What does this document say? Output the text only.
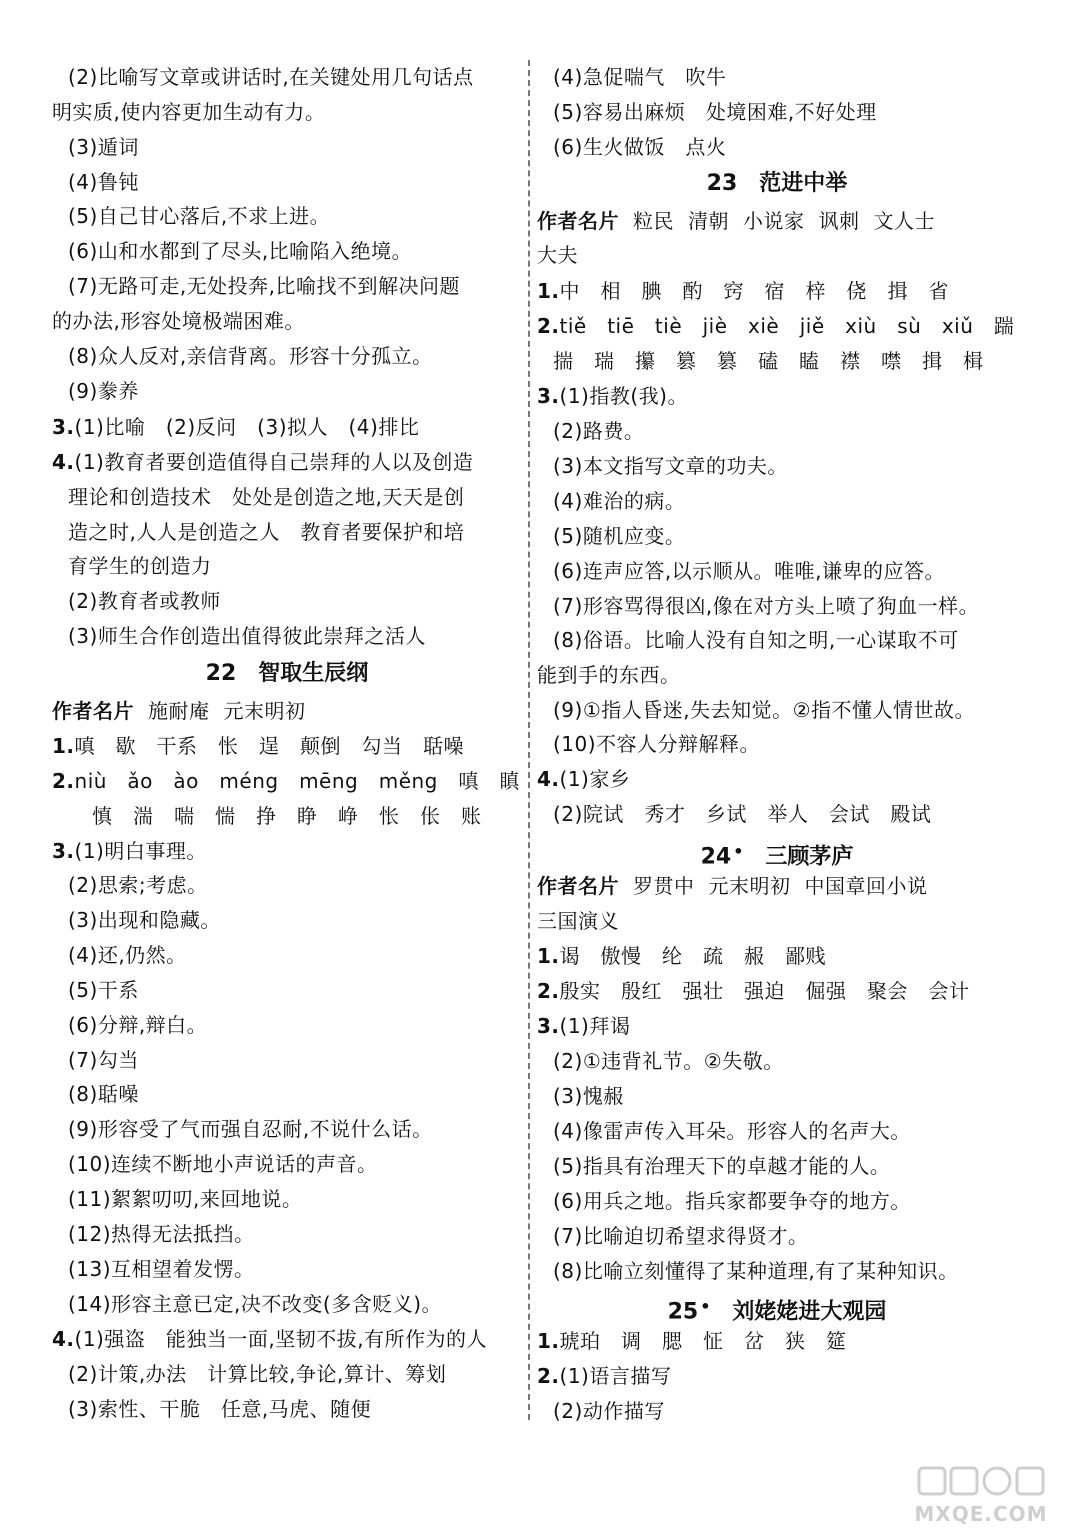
(2)比喻写文章或讲话时,在关键处用几句话点
明实质,使内容更加生动有力。
(3)遁词
(4)鲁钝
(5)自己甘心落后,不求上进。
(6)山和水都到了尽头,比喻陷入绝境。
(7)无路可走,无处投奔,比喻找不到解决问题
的办法,形容处境极端困难。
(8)众人反对,亲信背离。形容十分孤立。
(9)豢养
3.(1)比喻　(2)反问　(3)拟人　(4)排比
4.(1)教育者要创造值得自己崇拜的人以及创造
理论和创造技术　处处是创造之地,天天是创
造之时,人人是创造之人　教育者要保护和培
育学生的创造力
(2)教育者或教师
(3)师生合作创造出值得彼此崇拜之活人
22 智取生辰纲
作者名片 施耐庵 元末明初
1.嗔　歇　干系　怅　逞　颠倒　勾当　聒噪
2.niù　ǎo　ào　méng　mēng　měng　嗔　瞋
慎　湍　喘　惴　挣　睁　峥　怅　伥　账
3.(1)明白事理。
(2)思索;考虑。
(3)出现和隐藏。
(4)还,仍然。
(5)干系
(6)分辩,辩白。
(7)勾当
(8)聒噪
(9)形容受了气而强自忍耐,不说什么话。
(10)连续不断地小声说话的声音。
(11)絮絮叨叨,来回地说。
(12)热得无法抵挡。
(13)互相望着发愣。
(14)形容主意已定,决不改变(多含贬义)。
4.(1)强盗　能独当一面,坚韧不拔,有所作为的人
(2)计策,办法　计算比较,争论,算计、筹划
(3)索性、干脆　任意,马虎、随便
(4)急促喘气　吹牛
(5)容易出麻烦　处境困难,不好处理
(6)生火做饭　点火
23 范进中举
作者名片 粒民 清朝 小说家 讽刺 文人士
大夫
1.中　相　腆　酌　窍　宿　梓　侥　揖　省
2.tiě　tiē　tiè　jiè　xiè　jiě　xiù　sù　xiǔ　踹
揣　瑞　攥　篡　篡　磕　瞌　襟　噤　揖　楫
3.(1)指教(我)。
(2)路费。
(3)本文指写文章的功夫。
(4)难治的病。
(5)随机应变。
(6)连声应答,以示顺从。唯唯,谦卑的应答。
(7)形容骂得很凶,像在对方头上喷了狗血一样。
(8)俗语。比喻人没有自知之明,一心谋取不可
能到手的东西。
(9)①指人昏迷,失去知觉。②指不懂人情世故。
(10)不容人分辩解释。
4.(1)家乡
(2)院试　秀才　乡试　举人　会试　殿试
24 • 三顾茅庐
作者名片 罗贯中 元末明初 中国章回小说
三国演义
1.谒　傲慢　纶　疏　赧　鄙贱
2.殷实　殷红　强壮　强迫　倔强　聚会　会计
3.(1)拜谒
(2)①违背礼节。②失敬。
(3)愧赧
(4)像雷声传入耳朵。形容人的名声大。
(5)指具有治理天下的卓越才能的人。
(6)用兵之地。指兵家都要争夺的地方。
(7)比喻迫切希望求得贤才。
(8)比喻立刻懂得了某种道理,有了某种知识。
25 • 刘姥姥进大观园
1.琥珀　调　腮　怔　岔　狭　筵
2.(1)语言描写
(2)动作描写
MXQE.COM
